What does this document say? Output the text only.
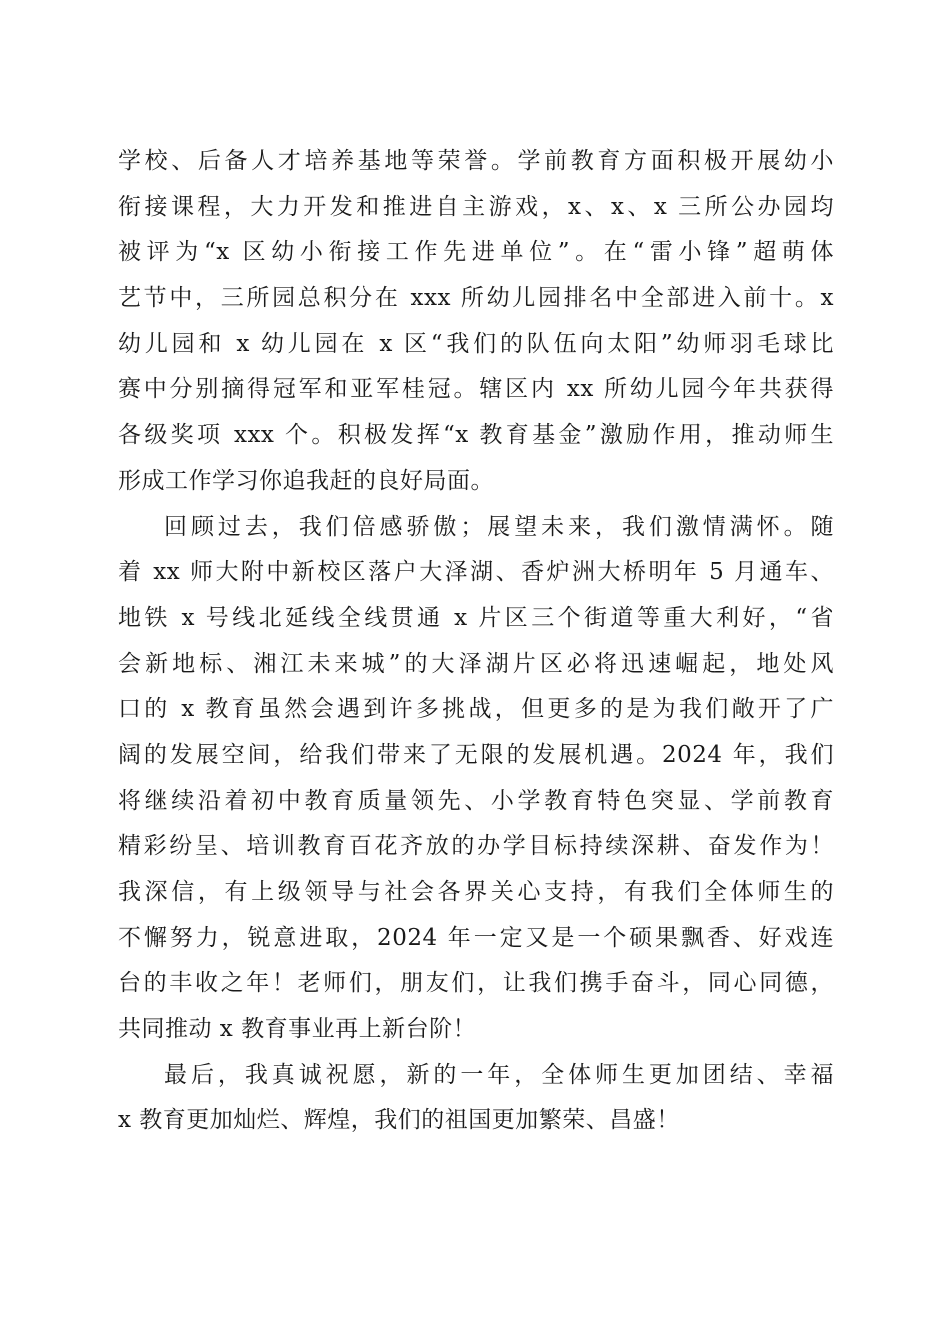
学校、后备人才培养基地等荣誉。学前教育方面积极开展幼小
衔接课程，大力开发和推进自主游戏，x、x、x 三所公办园均
被评为“x 区幼小衔接工作先进单位”。在“雷小锋”超萌体
艺节中，三所园总积分在 xxx 所幼儿园排名中全部进入前十。x
幼儿园和 x 幼儿园在 x 区“我们的队伍向太阳”幼师羽毛球比
赛中分别摘得冠军和亚军桂冠。辖区内 xx 所幼儿园今年共获得
各级奖项 xxx 个。积极发挥“x 教育基金”激励作用，推动师生
形成工作学习你追我赶的良好局面。
回顾过去，我们倍感骄傲；展望未来，我们激情满怀。随
着 xx 师大附中新校区落户大泽湖、香炉洲大桥明年 5 月通车、
地铁 x 号线北延线全线贯通 x 片区三个街道等重大利好，“省
会新地标、湘江未来城”的大泽湖片区必将迅速崛起，地处风
口的 x 教育虽然会遇到许多挑战，但更多的是为我们敞开了广
阔的发展空间，给我们带来了无限的发展机遇。2024 年，我们
将继续沿着初中教育质量领先、小学教育特色突显、学前教育
精彩纷呈、培训教育百花齐放的办学目标持续深耕、奋发作为！
我深信，有上级领导与社会各界关心支持，有我们全体师生的
不懈努力，锐意进取，2024 年一定又是一个硕果飘香、好戏连
台的丰收之年！老师们，朋友们，让我们携手奋斗，同心同德，
共同推动 x 教育事业再上新台阶！
最后，我真诚祝愿，新的一年，全体师生更加团结、幸福
x 教育更加灿烂、辉煌，我们的祖国更加繁荣、昌盛！
